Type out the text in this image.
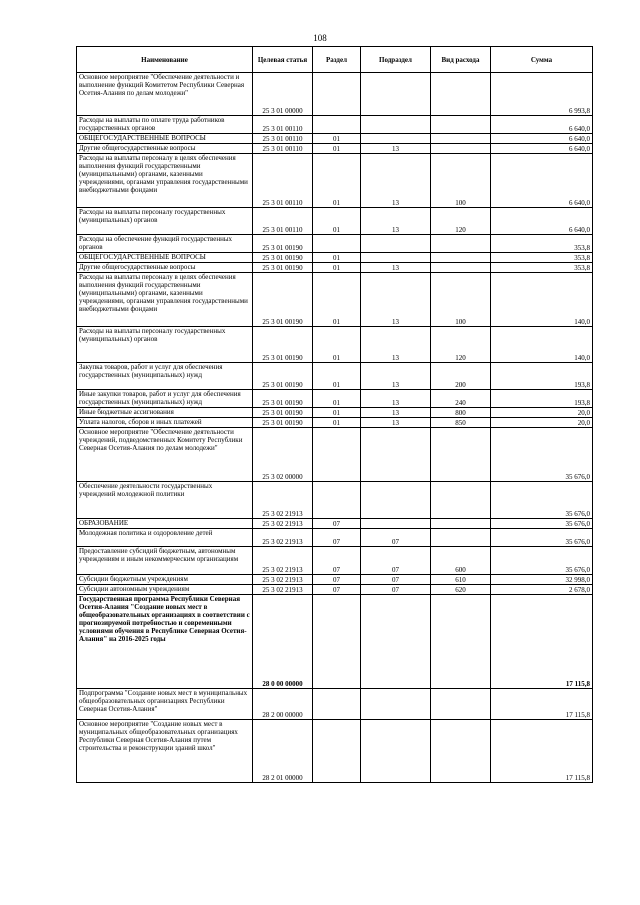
108
Наименование	Целевая статья	Раздел	Подраздел	Вид расхода	Сумма
Основное мероприятие "Обеспечение деятельности и выполнение функций Комитетом Республики Северная Осетия-Алания по делам молодежи"	25 3 01 00000				6 993,8
Расходы на выплаты по оплате труда работников государственных органов	25 3 01 00110				6 640,0
ОБЩЕГОСУДАРСТВЕННЫЕ ВОПРОСЫ	25 3 01 00110	01			6 640,0
Другие общегосударственные вопросы	25 3 01 00110	01	13		6 640,0
Расходы на выплаты персоналу в целях обеспечения выполнения функций государственными (муниципальными) органами, казенными учреждениями, органами управления государственными внебюджетными фондами	25 3 01 00110	01	13	100	6 640,0
Расходы на выплаты персоналу государственных (муниципальных) органов	25 3 01 00110	01	13	120	6 640,0
Расходы на обеспечение функций государственных органов	25 3 01 00190				353,8
ОБЩЕГОСУДАРСТВЕННЫЕ ВОПРОСЫ	25 3 01 00190	01			353,8
Другие общегосударственные вопросы	25 3 01 00190	01	13		353,8
Расходы на выплаты персоналу в целях обеспечения выполнения функций государственными (муниципальными) органами, казенными учреждениями, органами управления государственными внебюджетными фондами	25 3 01 00190	01	13	100	140,0
Расходы на выплаты персоналу государственных (муниципальных) органов	25 3 01 00190	01	13	120	140,0
Закупка товаров, работ и услуг для обеспечения государственных (муниципальных) нужд	25 3 01 00190	01	13	200	193,8
Иные закупки товаров, работ и услуг для обеспечения государственных (муниципальных) нужд	25 3 01 00190	01	13	240	193,8
Иные бюджетные ассигнования	25 3 01 00190	01	13	800	20,0
Уплата налогов, сборов и иных платежей	25 3 01 00190	01	13	850	20,0
Основное мероприятие "Обеспечение деятельности учреждений, подведомственных Комитету Республики Северная Осетия-Алания по делам молодежи"	25 3 02 00000				35 676,0
Обеспечение деятельности государственных учреждений молодежной политики	25 3 02 21913				35 676,0
ОБРАЗОВАНИЕ	25 3 02 21913	07			35 676,0
Молодежная политика и оздоровление детей	25 3 02 21913	07	07		35 676,0
Предоставление субсидий бюджетным, автономным учреждениям и иным некоммерческим организациям	25 3 02 21913	07	07	600	35 676,0
Субсидии бюджетным учреждениям	25 3 02 21913	07	07	610	32 998,0
Субсидии автономным учреждениям	25 3 02 21913	07	07	620	2 678,0
Государственная программа Республики Северная Осетия-Алания "Создание новых мест в общеобразовательных организациях в соответствии с прогнозируемой потребностью и современными условиями обучения в Республике Северная Осетия-Алания" на 2016-2025 годы	28 0 00 00000				17 115,8
Подпрограмма "Создание новых мест в муниципальных общеобразовательных организациях Республики Северная Осетия-Алания"	28 2 00 00000				17 115,8
Основное мероприятие "Создание новых мест в муниципальных общеобразовательных организациях Республики Северная Осетия-Алания путем строительства и реконструкции зданий школ"	28 2 01 00000				17 115,8
